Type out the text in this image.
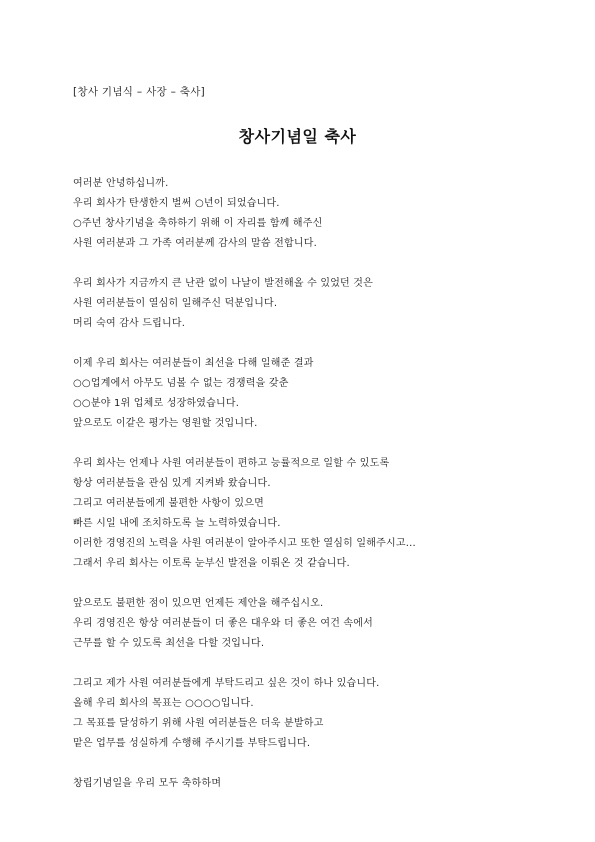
[창사 기념식 – 사장 – 축사]
창사기념일 축사
여러분 안녕하십니까.
우리 회사가 탄생한지 벌써 ○년이 되었습니다.
○주년 창사기념을 축하하기 위해 이 자리를 함께 해주신
사원 여러분과 그 가족 여러분께 감사의 말씀 전합니다.
우리 회사가 지금까지 큰 난관 없이 나날이 발전해올 수 있었던 것은
사원 여러분들이 열심히 일해주신 덕분입니다.
머리 숙여 감사 드립니다.
이제 우리 회사는 여러분들이 최선을 다해 일해준 결과
○○업계에서 아무도 넘볼 수 없는 경쟁력을 갖춘
○○분야 1위 업체로 성장하였습니다.
앞으로도 이같은 평가는 영원할 것입니다.
우리 회사는 언제나 사원 여러분들이 편하고 능률적으로 일할 수 있도록
항상 여러분들을 관심 있게 지켜봐 왔습니다.
그리고 여러분들에게 불편한 사항이 있으면
빠른 시일 내에 조치하도록 늘 노력하였습니다.
이러한 경영진의 노력을 사원 여러분이 알아주시고 또한 열심히 일해주시고...
그래서 우리 회사는 이토록 눈부신 발전을 이뤄온 것 같습니다.
앞으로도 불편한 점이 있으면 언제든 제안을 해주십시오.
우리 경영진은 항상 여러분들이 더 좋은 대우와 더 좋은 여건 속에서
근무를 할 수 있도록 최선을 다할 것입니다.
그리고 제가 사원 여러분들에게 부탁드리고 싶은 것이 하나 있습니다.
올해 우리 회사의 목표는 ○○○○입니다.
그 목표를 달성하기 위해 사원 여러분들은 더욱 분발하고
맡은 업무를 성실하게 수행해 주시기를 부탁드립니다.
창립기념일을 우리 모두 축하하며
